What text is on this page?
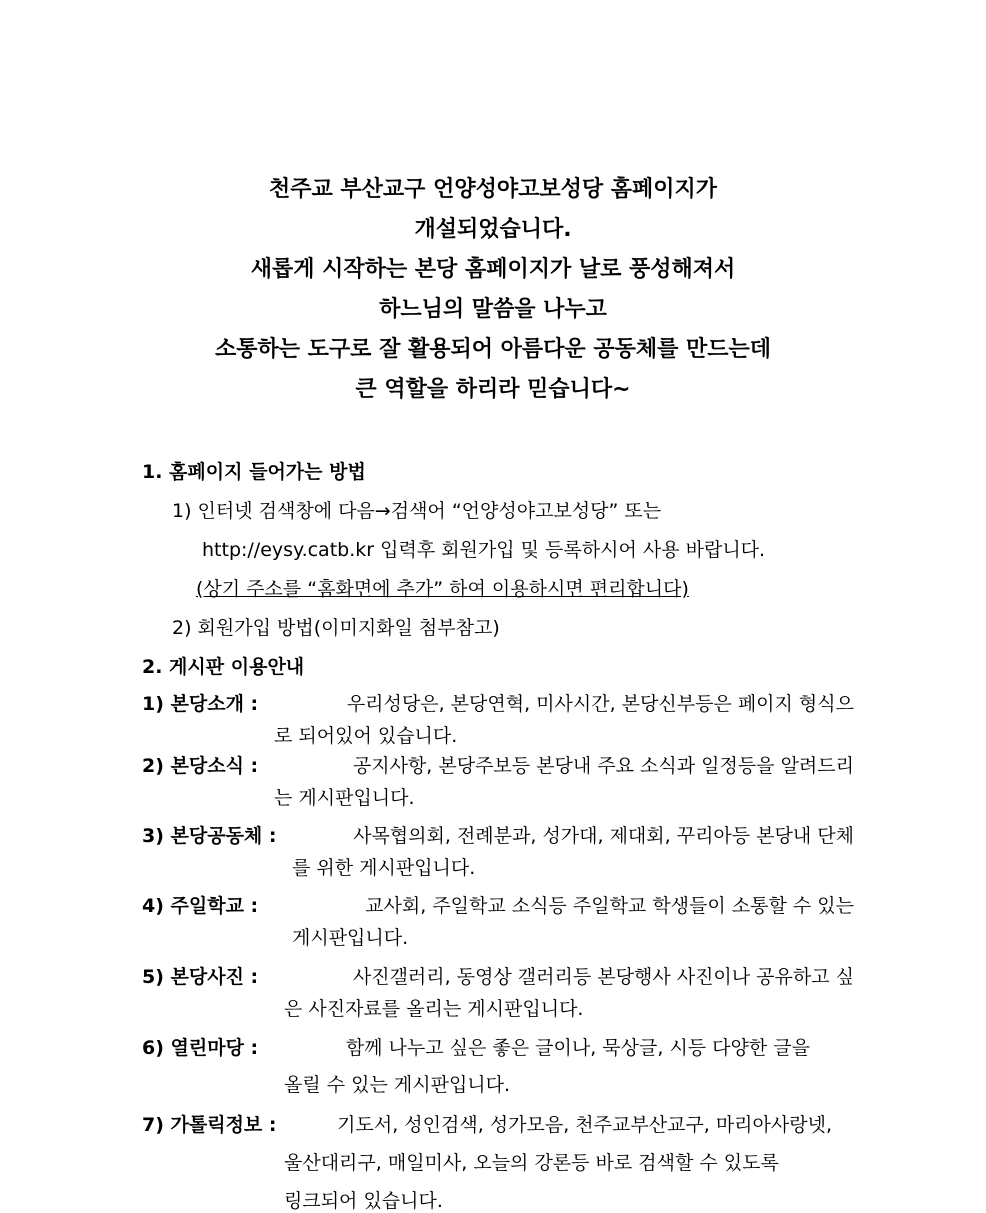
천주교 부산교구 언양성야고보성당 홈페이지가
개설되었습니다.
새롭게 시작하는 본당 홈페이지가 날로 풍성해져서
하느님의 말씀을 나누고
소통하는 도구로 잘 활용되어 아름다운 공동체를 만드는데
큰 역할을 하리라 믿습니다~
1. 홈페이지 들어가는 방법
1) 인터넷 검색창에 다음→검색어 “언양성야고보성당” 또는
http://eysy.catb.kr 입력후 회원가입 및 등록하시어 사용 바랍니다.
(상기 주소를 “홈화면에 추가” 하여 이용하시면 편리합니다)
2) 회원가입 방법(이미지화일 첨부참고)
2. 게시판 이용안내
1) 본당소개 :	우리성당은, 본당연혁, 미사시간, 본당신부등은 페이지 형식으
로 되어있어 있습니다.
2) 본당소식 :	공지사항, 본당주보등 본당내 주요 소식과 일정등을 알려드리
는 게시판입니다.
3) 본당공동체 :	사목협의회, 전례분과, 성가대, 제대회, 꾸리아등 본당내 단체
를 위한 게시판입니다.
4) 주일학교 :	교사회, 주일학교 소식등 주일학교 학생들이 소통할 수 있는
게시판입니다.
5) 본당사진 :	사진갤러리, 동영상 갤러리등 본당행사 사진이나 공유하고 싶
은 사진자료를 올리는 게시판입니다.
6) 열린마당 :	함께 나누고 싶은 좋은 글이나, 묵상글, 시등 다양한 글을
올릴 수 있는 게시판입니다.
7) 가톨릭정보 :	기도서, 성인검색, 성가모음, 천주교부산교구, 마리아사랑넷,
울산대리구, 매일미사, 오늘의 강론등 바로 검색할 수 있도록
링크되어 있습니다.
